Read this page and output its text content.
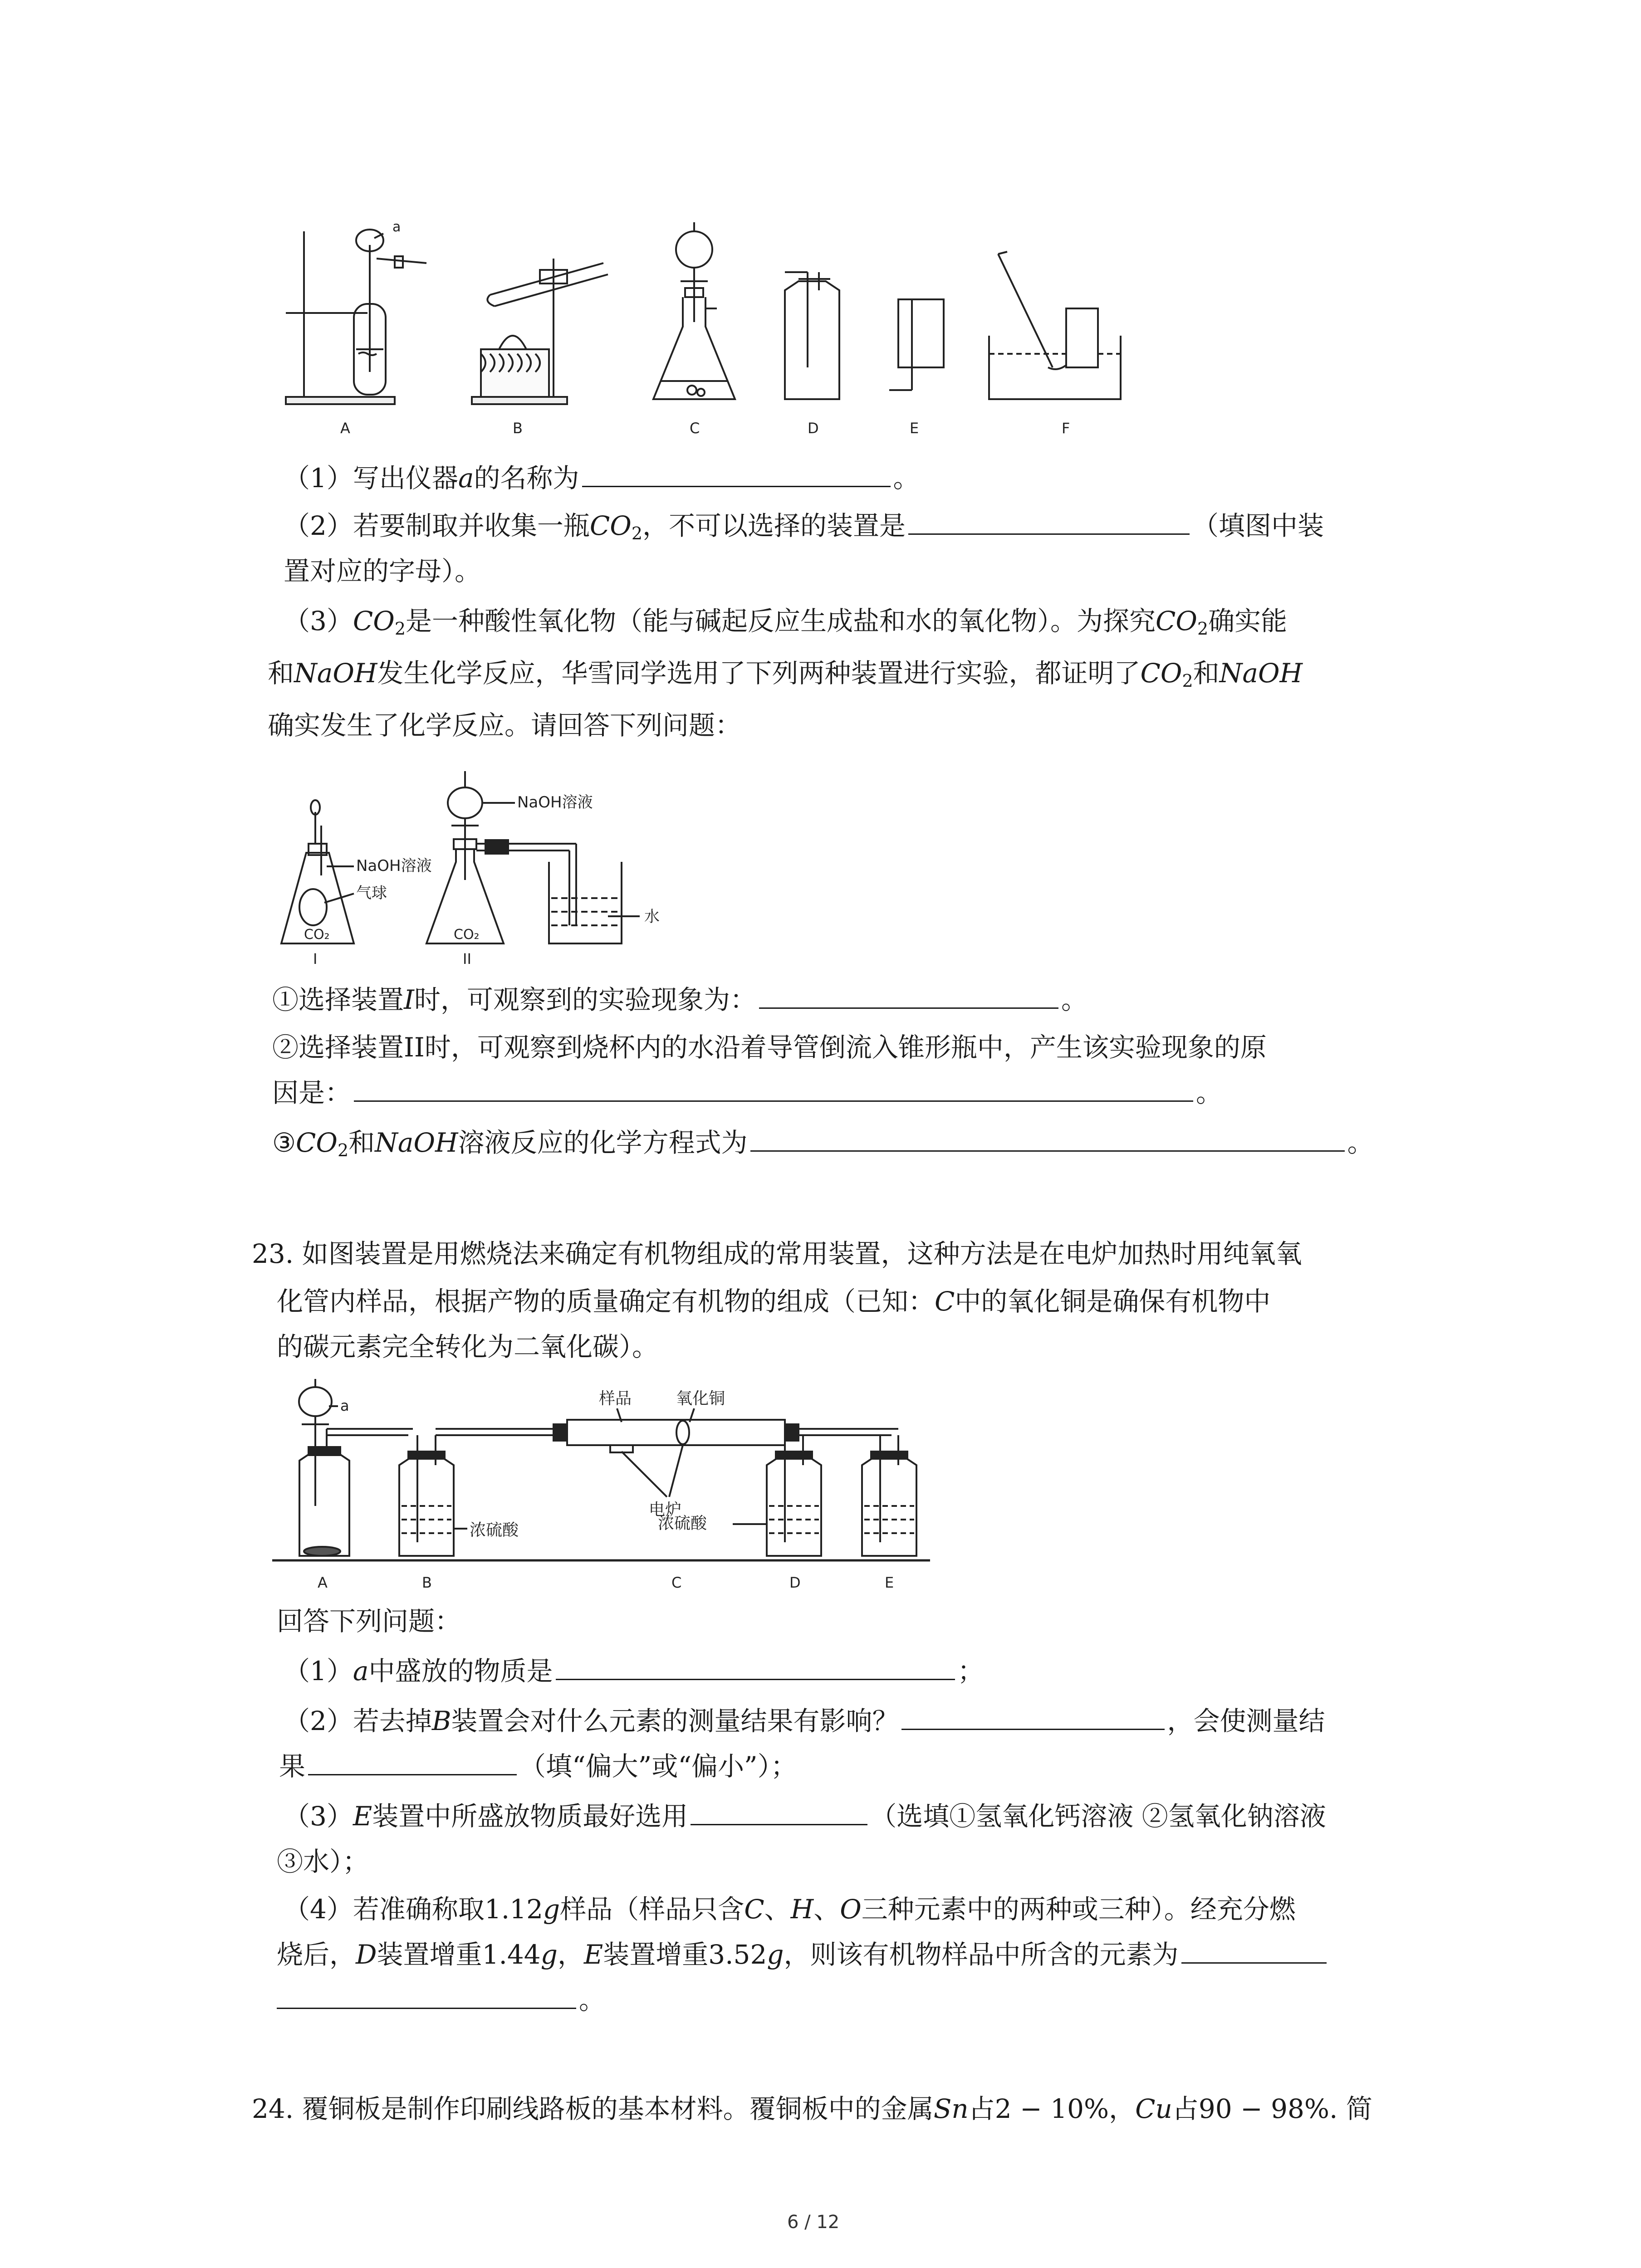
a
A	B	C	D	E	F
（1）写出仪器a的名称为	。
（2）若要制取并收集一瓶$CO_2$，不可以选择的装置是	（填图中装
置对应的字母）。
$(3)CO_2$是一种酸性氧化物（能与碱起反应生成盐和水的氧化物）。为探究$CO_2$确实能
和NaOH发生化学反应，华雪同学选用了下列两种装置进行实验，都证明了$CO_2$和NaOH
确实发生了化学反应。请回答下列问题：
NaOH溶液
气球
CO₂
I
NaOH溶液
CO₂
II
水
①选择装置I时，可观察到的实验现象为：	。
②选择装置II时，可观察到烧杯内的水沿着导管倒流入锥形瓶中，产生该实验现象的原
因是：	。
$③CO_2$和NaOH溶液反应的化学方程式为	。
23. 如图装置是用燃烧法来确定有机物组成的常用装置，这种方法是在电炉加热时用纯氧氧
化管内样品，根据产物的质量确定有机物的组成（已知：C中的氧化铜是确保有机物中
的碳元素完全转化为二氧化碳）。
a
浓硫酸
样品	氧化铜
电炉
浓硫酸
A	B	C	D	E
回答下列问题：
（1）a中盛放的物质是	；
（2）若去掉B装置会对什么元素的测量结果有影响？	，会使测量结
果	（填“偏大”或“偏小”）；
（3）E装置中所盛放物质最好选用	（选填①氢氧化钙溶液 ②氢氧化钠溶液
③水）；
（4）若准确称取1.12g样品（样品只含C、H、O三种元素中的两种或三种）。经充分燃
烧后，D装置增重1.44g，E装置增重3.52g，则该有机物样品中所含的元素为
。
24. 覆铜板是制作印刷线路板的基本材料。覆铜板中的金属Sn占2 − 10%，Cu占90 − 98%. 简
6 / 12
